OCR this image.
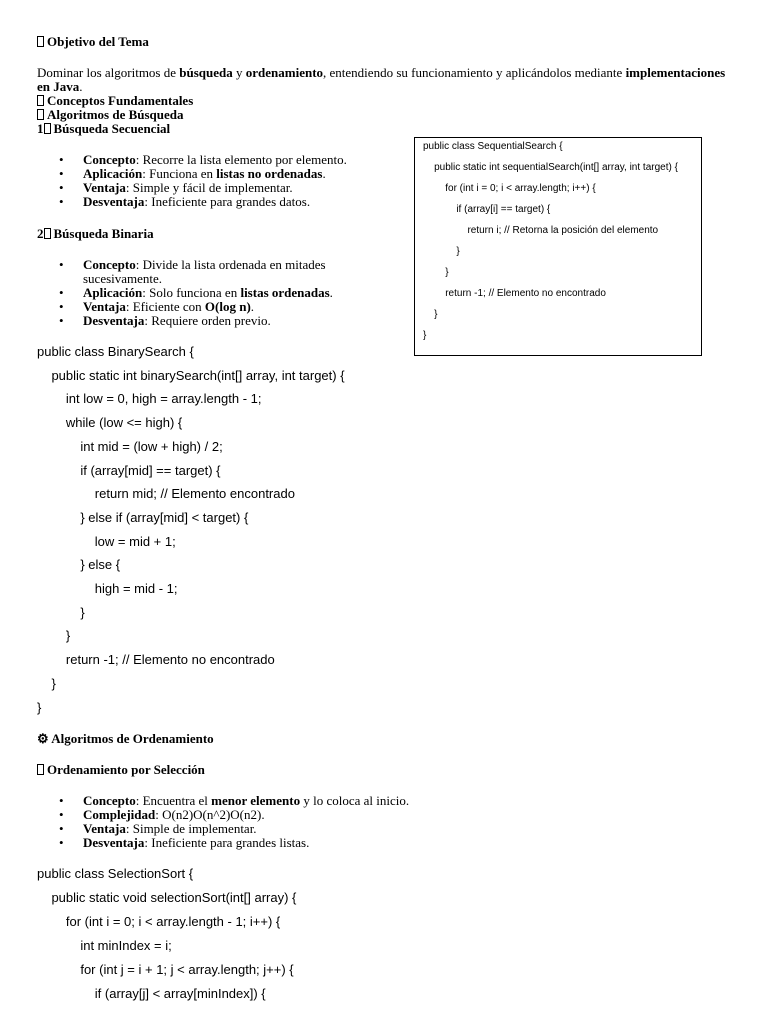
Objetivo del Tema
Dominar los algoritmos de búsqueda y ordenamiento, entendiendo su funcionamiento y aplicándolos mediante implementaciones en Java.
Conceptos Fundamentales
Algoritmos de Búsqueda
1 Búsqueda Secuencial
• Concepto: Recorre la lista elemento por elemento.
• Aplicación: Funciona en listas no ordenadas.
• Ventaja: Simple y fácil de implementar.
• Desventaja: Ineficiente para grandes datos.
public class SequentialSearch {
public static int sequentialSearch(int[] array, int target) {
for (int i = 0; i < array.length; i++) {
if (array[i] == target) {
return i; // Retorna la posición del elemento
}
}
return -1; // Elemento no encontrado
}
}
2 Búsqueda Binaria
• Concepto: Divide la lista ordenada en mitades sucesivamente.
• Aplicación: Solo funciona en listas ordenadas.
• Ventaja: Eficiente con O(log n).
• Desventaja: Requiere orden previo.
public class BinarySearch {
public static int binarySearch(int[] array, int target) {
int low = 0, high = array.length - 1;
while (low <= high) {
int mid = (low + high) / 2;
if (array[mid] == target) {
return mid; // Elemento encontrado
} else if (array[mid] < target) {
low = mid + 1;
} else {
high = mid - 1;
}
}
return -1; // Elemento no encontrado
}
}
⚙ Algoritmos de Ordenamiento
Ordenamiento por Selección
• Concepto: Encuentra el menor elemento y lo coloca al inicio.
• Complejidad: O(n2)O(n^2)O(n2).
• Ventaja: Simple de implementar.
• Desventaja: Ineficiente para grandes listas.
public class SelectionSort {
public static void selectionSort(int[] array) {
for (int i = 0; i < array.length - 1; i++) {
int minIndex = i;
for (int j = i + 1; j < array.length; j++) {
if (array[j] < array[minIndex]) {
